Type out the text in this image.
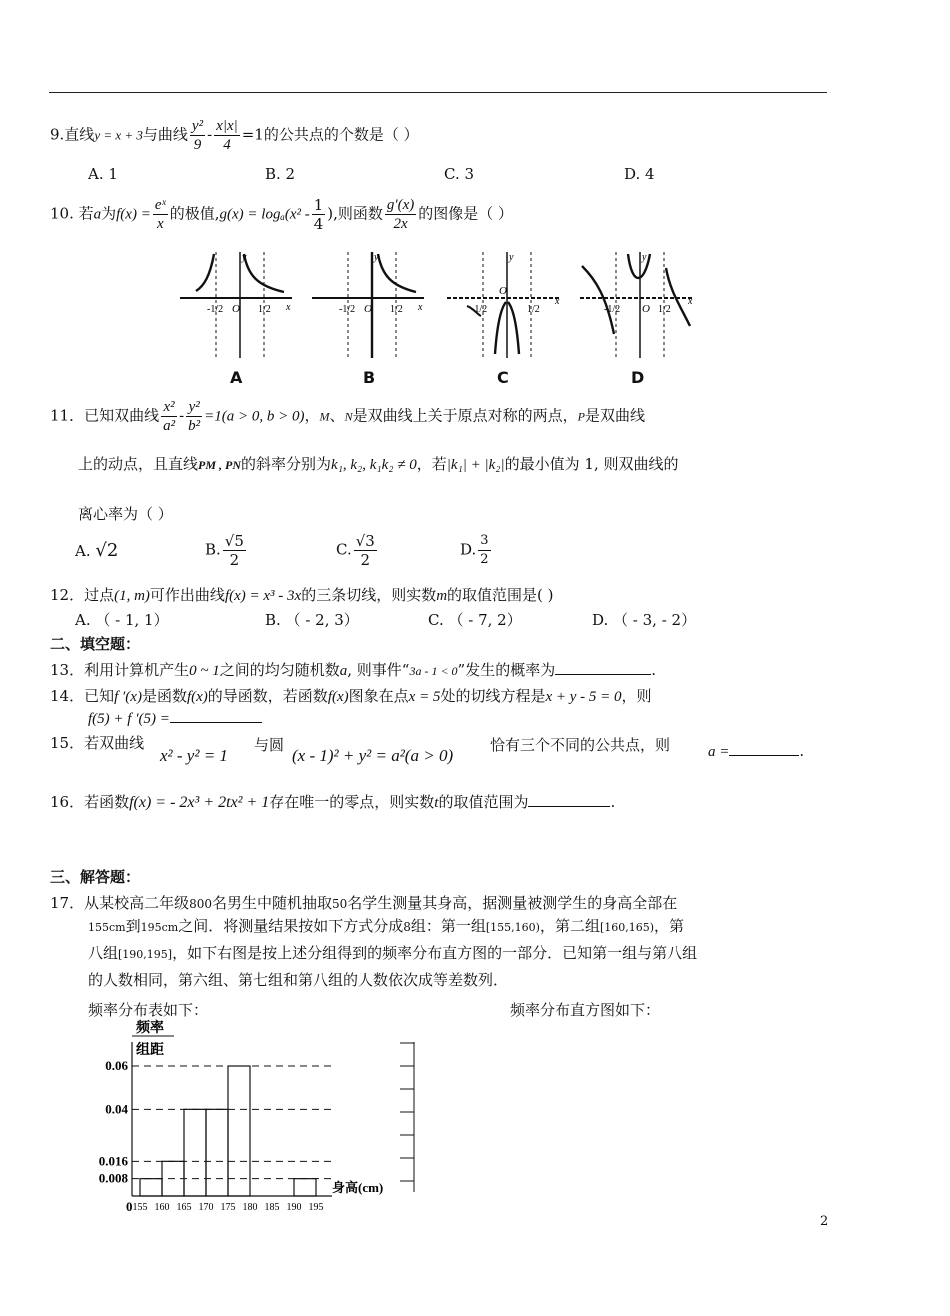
9.直线y = x + 3与曲线 $\frac{\text{y²}}{9} - \frac{x|x|}{4} =1$的公共点的个数是（ ）
A. 1	B. 2	C. 3	D. 4
10. 若a为$f(x) = \frac{\text{eˣ}}{x}$ 的极值$,g(x) = \log_a(x^2 - \frac{1}{4}$ ),则函数 $\frac{g'(x)}{2x}$ 的图像是（ ）
-1/2 O 1/2 x
y
A
-1/2 O 1/2 x
y
B
-1/2
O
1/2
x
y
C
-1/2 O 1/2
x
y
D
11．已知双曲线 $\frac{\text{x²}}{\text{a²}} - \frac{\text{y²}}{\text{b²}} =1(a > 0$, b > 0)，M、N是双曲线上关于原点对称的两点，P是双曲线
上的动点，且直线PM , PN的斜率分别为k₁, k₂, k₁k₂ ≠ 0，若|k₁| + |k₂|的最小值为 1, 则双曲线的
离心率为（ ）
A. √2	B. $\frac{√5}{2}$	C. $\frac{√3}{2}$	D. $\frac{3}{2}$
12．过点(1, m)可作出曲线f(x) = x³ - 3x的三条切线，则实数m的取值范围是( )
A. （ - 1, 1）	B. （ - 2, 3）	C. （ - 7, 2）	D. （ - 3, - 2）
二、填空题：
13．利用计算机产生0 ~ 1之间的均匀随机数a, 则事件“3a - 1 < 0”发生的概率为	.
14．已知f ′(x)是函数f(x)的导函数，若函数f(x)图象在点x = 5处的切线方程是x + y - 5 = 0，则
f(5) + f ′(5) =
15．若双曲线
x² - y² = 1
与圆
(x - 1)² + y² = a²(a > 0)
恰有三个不同的公共点，则	a =	.
16．若函数f(x) = - 2x³ + 2tx² + 1存在唯一的零点，则实数t的取值范围为	.
三、解答题：
17．从某校高二年级800名男生中随机抽取50名学生测量其身高，据测量被测学生的身高全部在
155cm到195cm之间．将测量结果按如下方式分成8组：第一组[155,160)，第二组[160,165)，第
八组[190,195]，如下右图是按上述分组得到的频率分布直方图的一部分．已知第一组与第八组
的人数相同，第六组、第七组和第八组的人数依次成等差数列．
频率分布表如下：	频率分布直方图如下：
频率
组距
0.008
0.016
0.04
0.06
155 160 165 170 175 180 185 190 195
0
身高(cm)
2
